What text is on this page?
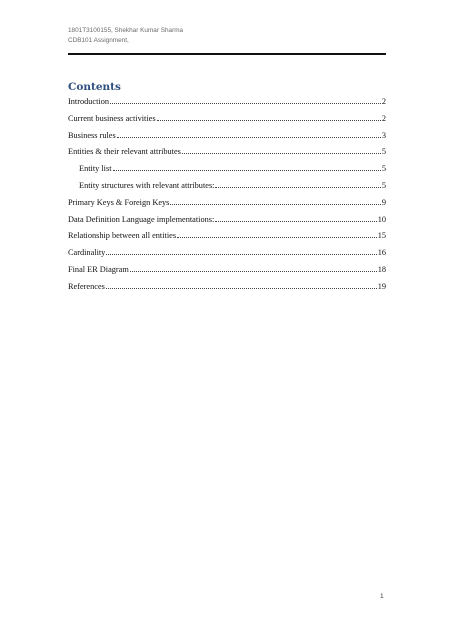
1801T3100155, Shekhar Kumar Sharma
CDB101 Assignment,
Contents
Introduction	2
Current business activities	2
Business rules	3
Entities & their relevant attributes	5
Entity list	5
Entity structures with relevant attributes:	5
Primary Keys & Foreign Keys	9
Data Definition Language implementations:	10
Relationship between all entities	15
Cardinality	16
Final ER Diagram	18
References	19
1
